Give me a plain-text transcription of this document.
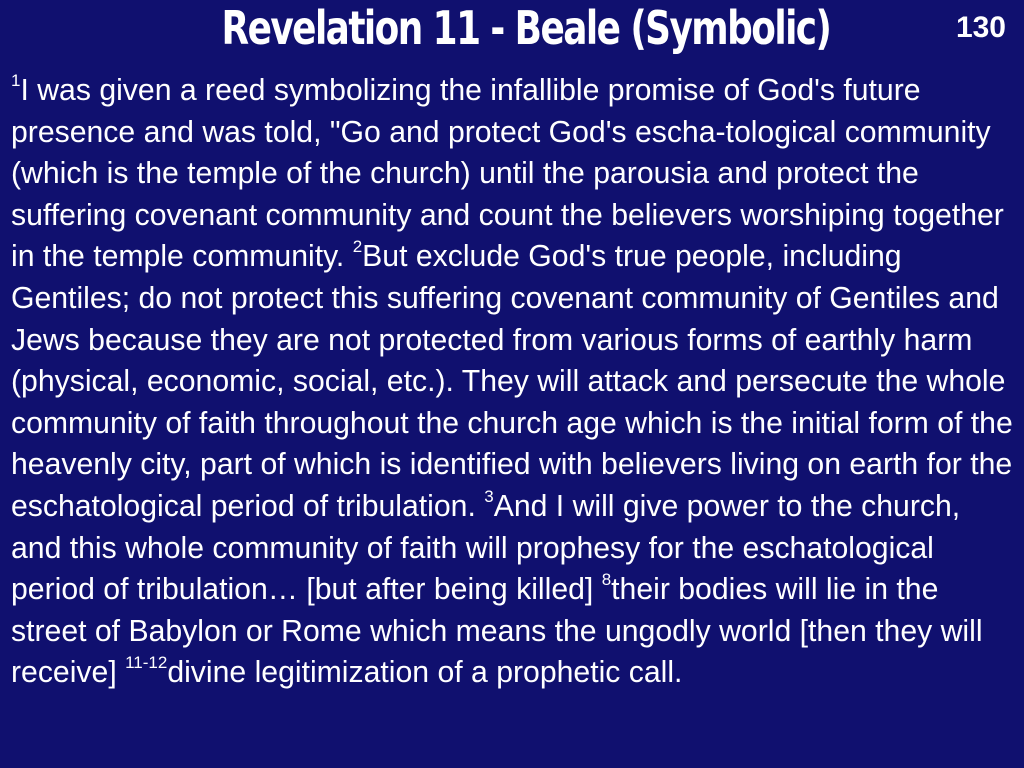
Revelation 11 - Beale (Symbolic)	130

$^1$I was given a reed symbolizing the infallible promise of God's future presence and was told, "Go and protect God's escha-tological community (which is the temple of the church) until the parousia and protect the suffering covenant community and count the believers worshiping together in the temple community. $^2$But exclude God's true people, including Gentiles; do not protect this suffering covenant community of Gentiles and Jews because they are not protected from various forms of earthly harm (physical, economic, social, etc.). They will attack and persecute the whole community of faith throughout the church age which is the initial form of the heavenly city, part of which is identified with believers living on earth for the eschatological period of tribulation. $^3$And I will give power to the church, and this whole community of faith will prophesy for the eschatological period of tribulation… [but after being killed] $^8$their bodies will lie in the street of Babylon or Rome which means the ungodly world [then they will receive] $^{11-12}$divine legitimization of a prophetic call.
